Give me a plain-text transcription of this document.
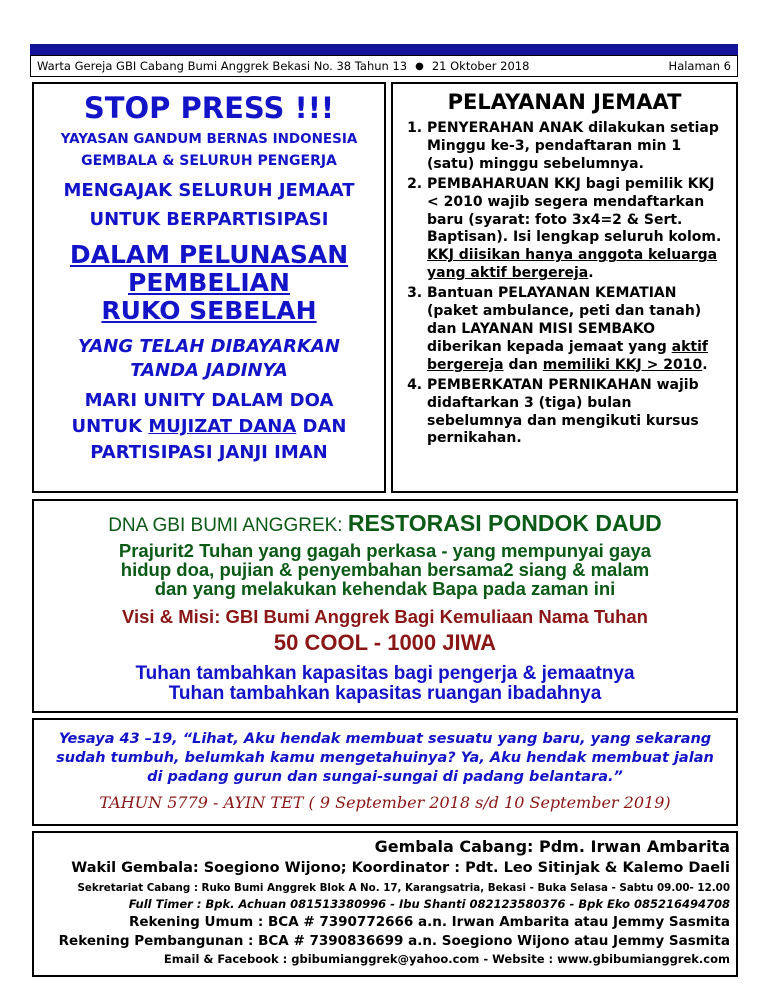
Warta Gereja GBI Cabang Bumi Anggrek Bekasi No. 38 Tahun 13 ● 21 Oktober 2018	Halaman 6
STOP PRESS !!!
YAYASAN GANDUM BERNAS INDONESIA
GEMBALA & SELURUH PENGERJA
MENGAJAK SELURUH JEMAAT
UNTUK BERPARTISIPASI
DALAM PELUNASAN
PEMBELIAN
RUKO SEBELAH
YANG TELAH DIBAYARKAN
TANDA JADINYA
MARI UNITY DALAM DOA
UNTUK MUJIZAT DANA DAN
PARTISIPASI JANJI IMAN
PELAYANAN JEMAAT
1. PENYERAHAN ANAK dilakukan setiap Minggu ke-3, pendaftaran min 1 (satu) minggu sebelumnya.
2. PEMBAHARUAN KKJ bagi pemilik KKJ < 2010 wajib segera mendaftarkan baru (syarat: foto 3x4=2 & Sert. Baptisan). Isi lengkap seluruh kolom. KKJ diisikan hanya anggota keluarga yang aktif bergereja.
3. Bantuan PELAYANAN KEMATIAN (paket ambulance, peti dan tanah) dan LAYANAN MISI SEMBAKO diberikan kepada jemaat yang aktif bergereja dan memiliki KKJ > 2010.
4. PEMBERKATAN PERNIKAHAN wajib didaftarkan 3 (tiga) bulan sebelumnya dan mengikuti kursus pernikahan.
DNA GBI BUMI ANGGREK: RESTORASI PONDOK DAUD
Prajurit2 Tuhan yang gagah perkasa - yang mempunyai gaya
hidup doa, pujian & penyembahan bersama2 siang & malam
dan yang melakukan kehendak Bapa pada zaman ini
Visi & Misi: GBI Bumi Anggrek Bagi Kemuliaan Nama Tuhan
50 COOL - 1000 JIWA
Tuhan tambahkan kapasitas bagi pengerja & jemaatnya
Tuhan tambahkan kapasitas ruangan ibadahnya
Yesaya 43 –19, “Lihat, Aku hendak membuat sesuatu yang baru, yang sekarang sudah tumbuh, belumkah kamu mengetahuinya? Ya, Aku hendak membuat jalan di padang gurun dan sungai-sungai di padang belantara.”
TAHUN 5779 - AYIN TET ( 9 September 2018 s/d 10 September 2019)
Gembala Cabang: Pdm. Irwan Ambarita
Wakil Gembala: Soegiono Wijono; Koordinator : Pdt. Leo Sitinjak & Kalemo Daeli
Sekretariat Cabang : Ruko Bumi Anggrek Blok A No. 17, Karangsatria, Bekasi - Buka Selasa - Sabtu 09.00- 12.00
Full Timer : Bpk. Achuan 081513380996 - Ibu Shanti 082123580376 - Bpk Eko 085216494708
Rekening Umum : BCA # 7390772666 a.n. Irwan Ambarita atau Jemmy Sasmita
Rekening Pembangunan : BCA # 7390836699 a.n. Soegiono Wijono atau Jemmy Sasmita
Email & Facebook : gbibumianggrek@yahoo.com - Website : www.gbibumianggrek.com
